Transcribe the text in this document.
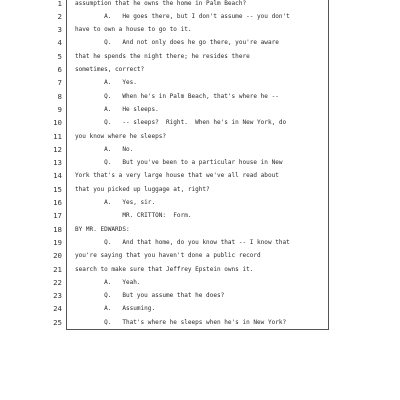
1 assumption that he owns the home in Palm Beach?
2 A.   He goes there, but I don't assume -- you don't
3 have to own a house to go to it.
4 Q.   And not only does he go there, you're aware
5 that he spends the night there; he resides there
6 sometimes, correct?
7 A.   Yes.
8 Q.   When he's in Palm Beach, that's where he --
9 A.   He sleeps.
10 Q.   -- sleeps?  Right.  When he's in New York, do
11 you know where he sleeps?
12 A.   No.
13 Q.   But you've been to a particular house in New
14 York that's a very large house that we've all read about
15 that you picked up luggage at, right?
16 A.   Yes, sir.
17 MR. CRITTON:  Form.
18 BY MR. EDWARDS:
19 Q.   And that home, do you know that -- I know that
20 you're saying that you haven't done a public record
21 search to make sure that Jeffrey Epstein owns it.
22 A.   Yeah.
23 Q.   But you assume that he does?
24 A.   Assuming.
25 Q.   That's where he sleeps when he's in New York?
